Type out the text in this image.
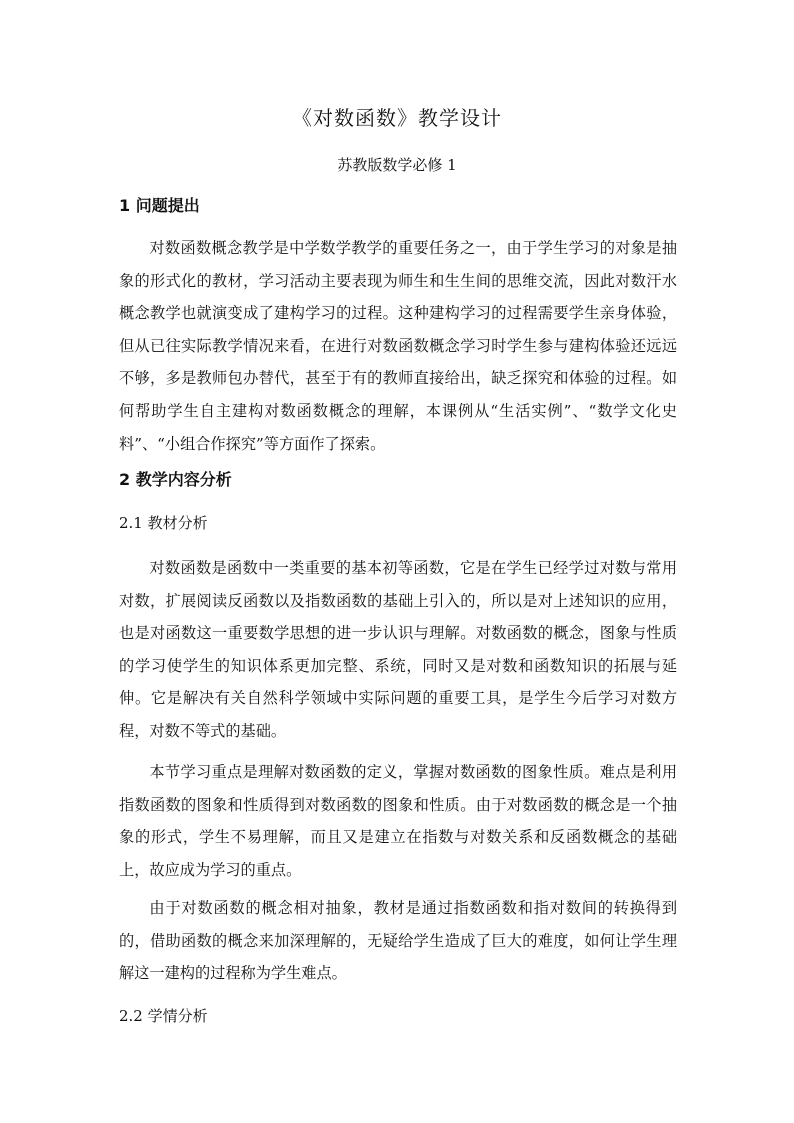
《对数函数》教学设计
苏教版数学必修 1
1 问题提出

对数函数概念教学是中学数学教学的重要任务之一，由于学生学习的对象是抽象的形式化的教材，学习活动主要表现为师生和生生间的思维交流，因此对数汗水概念教学也就演变成了建构学习的过程。这种建构学习的过程需要学生亲身体验，但从已往实际教学情况来看，在进行对数函数概念学习时学生参与建构体验还远远不够，多是教师包办替代，甚至于有的教师直接给出，缺乏探究和体验的过程。如何帮助学生自主建构对数函数概念的理解，本课例从“生活实例”、“数学文化史料”、“小组合作探究”等方面作了探索。

2 教学内容分析
2.1 教材分析

对数函数是函数中一类重要的基本初等函数，它是在学生已经学过对数与常用对数，扩展阅读反函数以及指数函数的基础上引入的，所以是对上述知识的应用，也是对函数这一重要数学思想的进一步认识与理解。对数函数的概念，图象与性质的学习使学生的知识体系更加完整、系统，同时又是对数和函数知识的拓展与延伸。它是解决有关自然科学领域中实际问题的重要工具，是学生今后学习对数方程，对数不等式的基础。

本节学习重点是理解对数函数的定义，掌握对数函数的图象性质。难点是利用指数函数的图象和性质得到对数函数的图象和性质。由于对数函数的概念是一个抽象的形式，学生不易理解，而且又是建立在指数与对数关系和反函数概念的基础上，故应成为学习的重点。

由于对数函数的概念相对抽象，教材是通过指数函数和指对数间的转换得到的，借助函数的概念来加深理解的，无疑给学生造成了巨大的难度，如何让学生理解这一建构的过程称为学生难点。

2.2 学情分析
